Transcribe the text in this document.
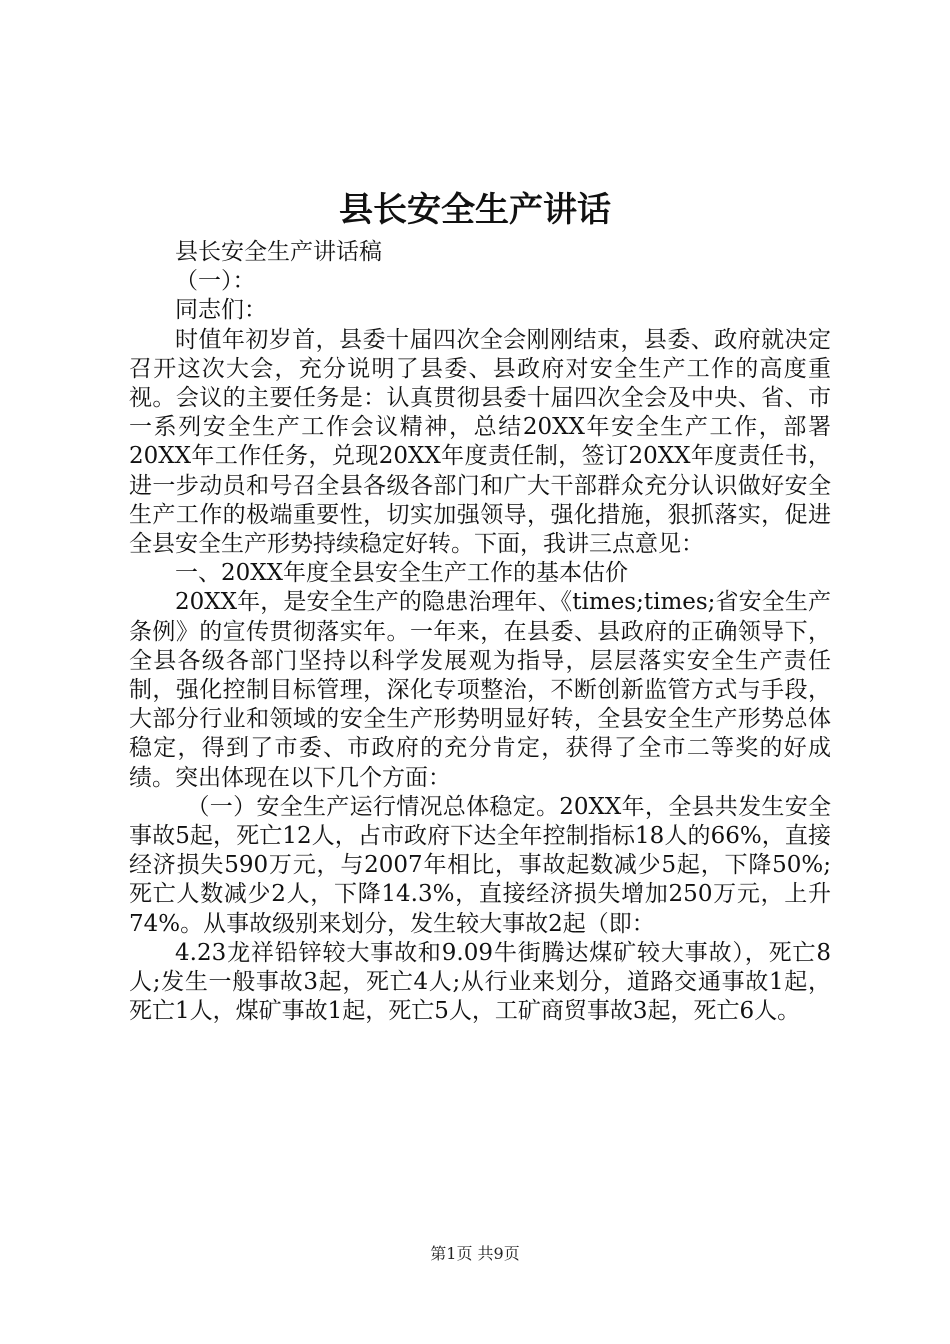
县长安全生产讲话

县长安全生产讲话稿

（一）：

同志们：

时值年初岁首，县委十届四次全会刚刚结束，县委、政府就决定召开这次大会，充分说明了县委、县政府对安全生产工作的高度重视。会议的主要任务是：认真贯彻县委十届四次全会及中央、省、市一系列安全生产工作会议精神，总结20XX年安全生产工作，部署20XX年工作任务，兑现20XX年度责任制，签订20XX年度责任书，进一步动员和号召全县各级各部门和广大干部群众充分认识做好安全生产工作的极端重要性，切实加强领导，强化措施，狠抓落实，促进全县安全生产形势持续稳定好转。下面，我讲三点意见：

一、20XX年度全县安全生产工作的基本估价

20XX年，是安全生产的隐患治理年、《times;times;省安全生产条例》的宣传贯彻落实年。一年来，在县委、县政府的正确领导下，全县各级各部门坚持以科学发展观为指导，层层落实安全生产责任制，强化控制目标管理，深化专项整治，不断创新监管方式与手段，大部分行业和领域的安全生产形势明显好转，全县安全生产形势总体稳定，得到了市委、市政府的充分肯定，获得了全市二等奖的好成绩。突出体现在以下几个方面：

（一）安全生产运行情况总体稳定。20XX年，全县共发生安全事故5起，死亡12人，占市政府下达全年控制指标18人的66%，直接经济损失590万元，与2007年相比，事故起数减少5起，下降50%;死亡人数减少2人，下降14.3%，直接经济损失增加250万元，上升74%。从事故级别来划分，发生较大事故2起（即：

4.23龙祥铅锌较大事故和9.09牛街腾达煤矿较大事故），死亡8人;发生一般事故3起，死亡4人;从行业来划分，道路交通事故1起，死亡1人，煤矿事故1起，死亡5人，工矿商贸事故3起，死亡6人。

第1页 共9页
